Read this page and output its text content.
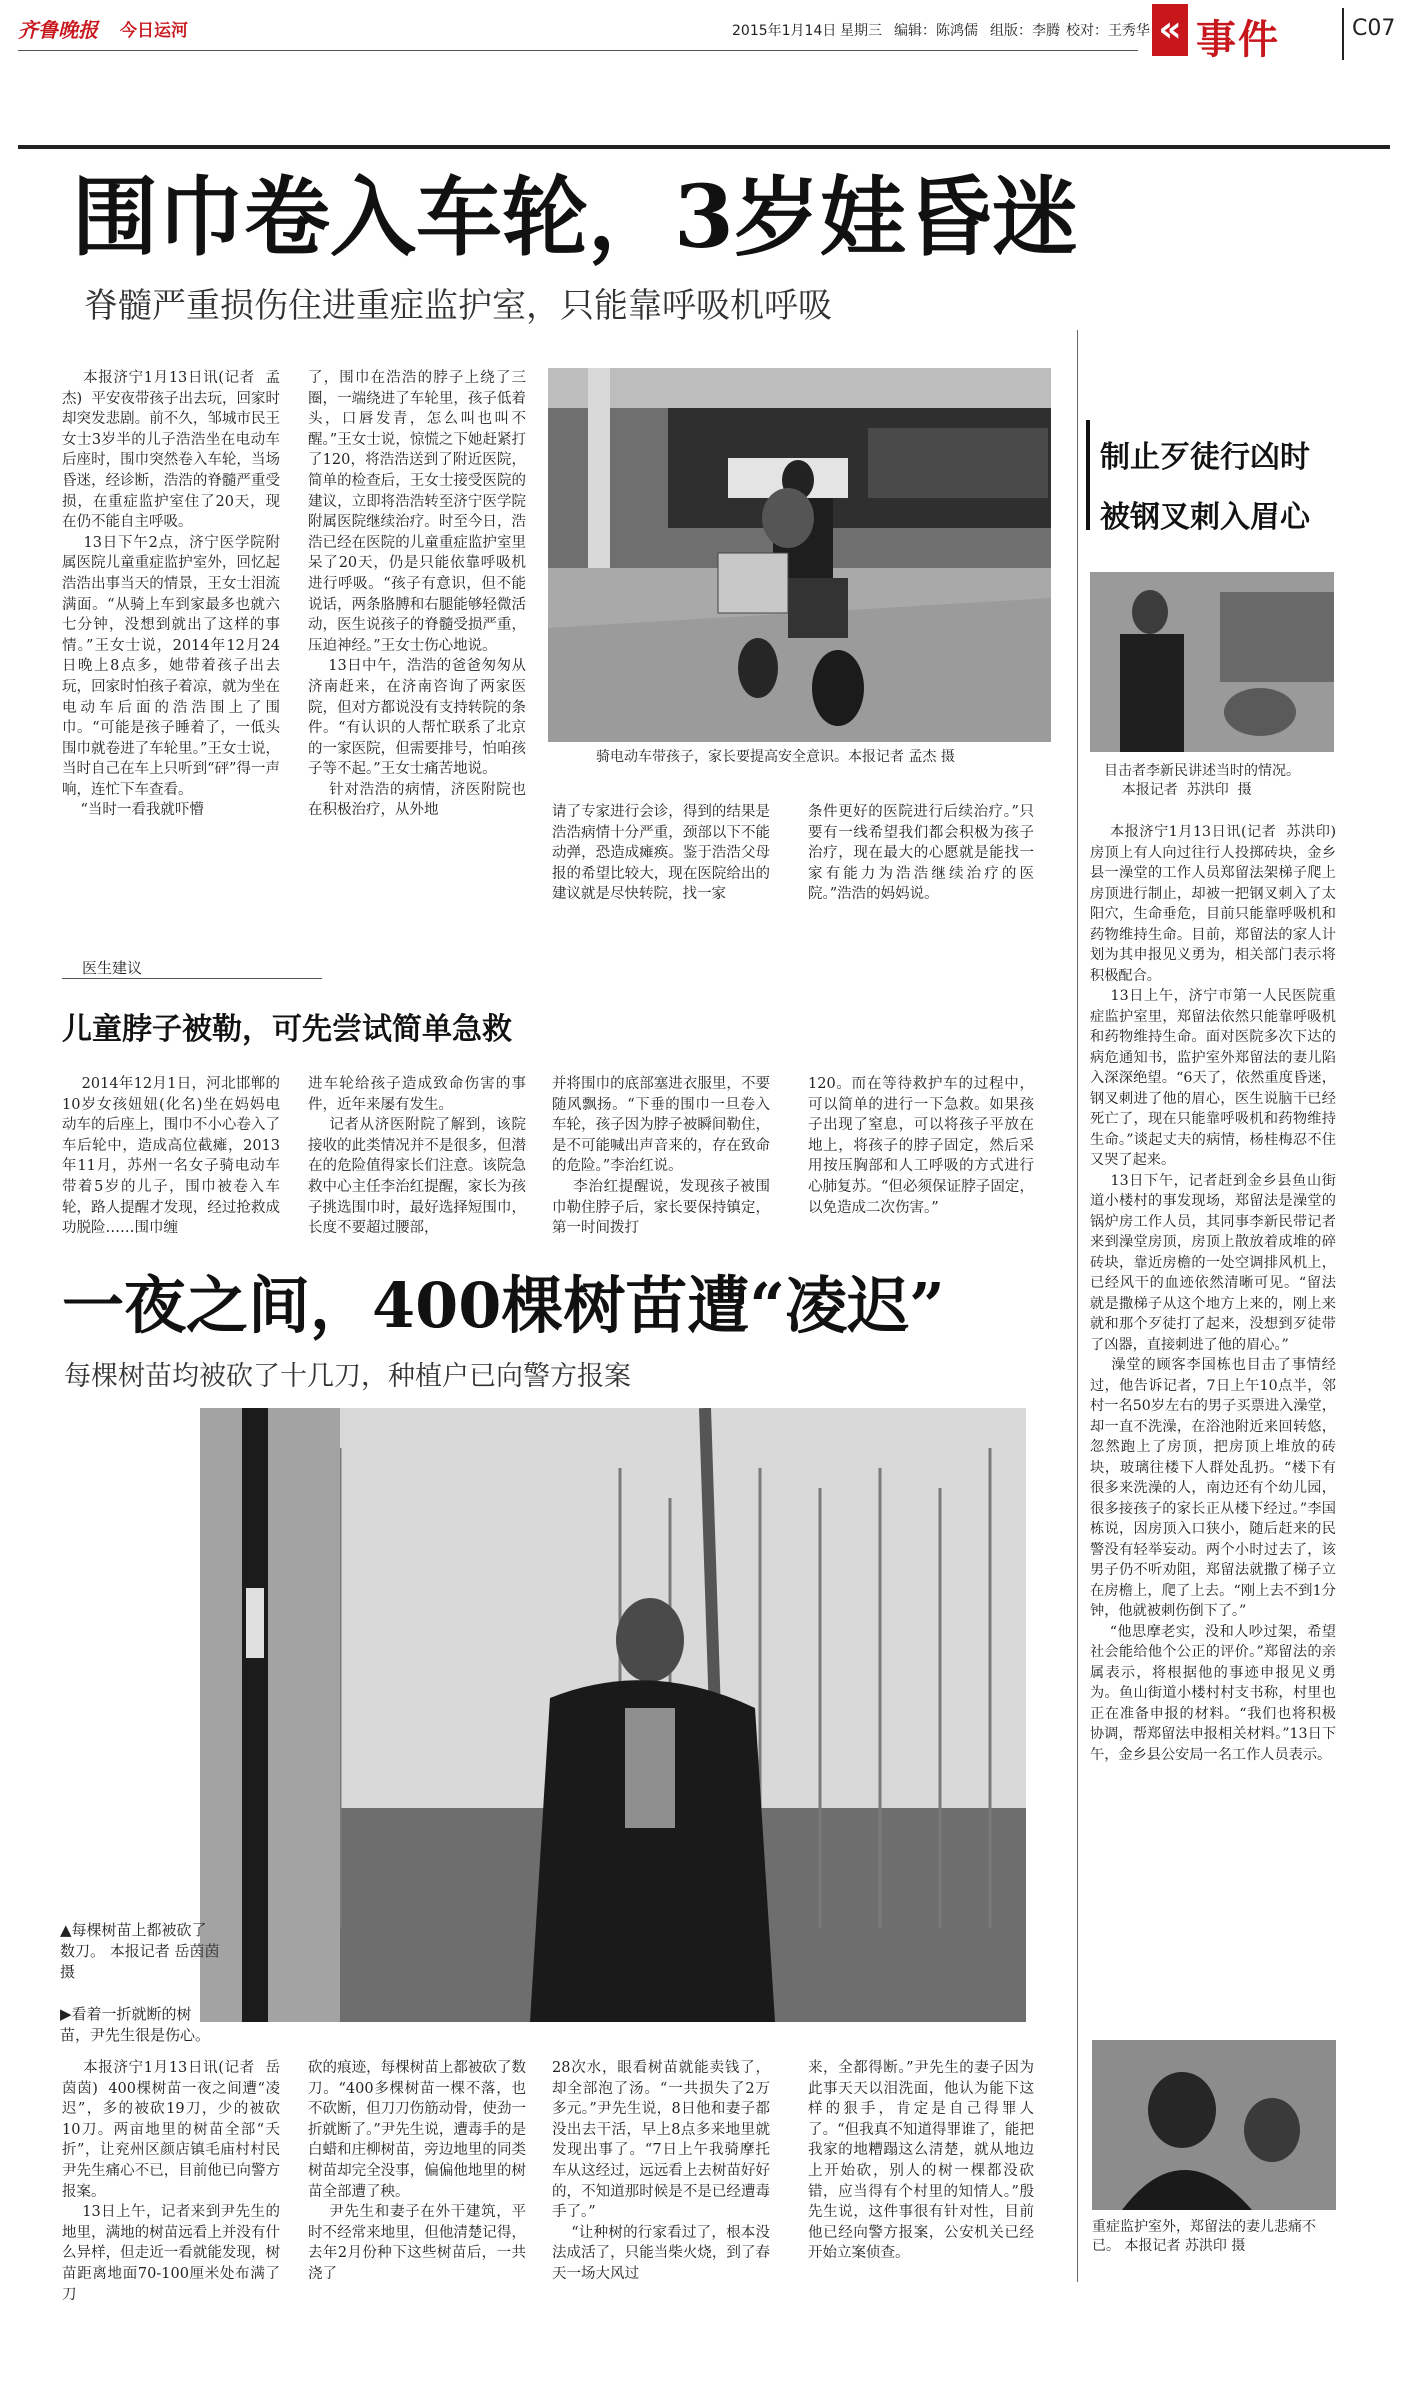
齐鲁晚报 今日运河	2015年1月14日 星期三 编辑：陈鸿儒 组版：李腾 校对：王秀华 « 事件	C07
围巾卷入车轮，3岁娃昏迷
脊髓严重损伤住进重症监护室，只能靠呼吸机呼吸
本报济宁1月13日讯(记者  孟杰)  平安夜带孩子出去玩，回家时却突发悲剧。前不久，邹城市民王女士3岁半的儿子浩浩坐在电动车后座时，围巾突然卷入车轮，当场昏迷，经诊断，浩浩的脊髓严重受损，在重症监护室住了20天，现在仍不能自主呼吸。
13日下午2点，济宁医学院附属医院儿童重症监护室外，回忆起浩浩出事当天的情景，王女士泪流满面。“从骑上车到家最多也就六七分钟，没想到就出了这样的事情。”王女士说，2014年12月24日晚上8点多，她带着孩子出去玩，回家时怕孩子着凉，就为坐在电动车后面的浩浩围上了围巾。“可能是孩子睡着了，一低头围巾就卷进了车轮里。”王女士说，当时自己在车上只听到“砰”得一声响，连忙下车查看。
“当时一看我就吓懵
了，围巾在浩浩的脖子上绕了三圈，一端绕进了车轮里，孩子低着头，口唇发青，怎么叫也叫不醒。”王女士说，惊慌之下她赶紧打了120，将浩浩送到了附近医院，简单的检查后，王女士接受医院的建议，立即将浩浩转至济宁医学院附属医院继续治疗。时至今日，浩浩已经在医院的儿童重症监护室里呆了20天，仍是只能依靠呼吸机进行呼吸。“孩子有意识，但不能说话，两条胳膊和右腿能够轻微活动，医生说孩子的脊髓受损严重，压迫神经。”王女士伤心地说。
13日中午，浩浩的爸爸匆匆从济南赶来，在济南咨询了两家医院，但对方都说没有支持转院的条件。“有认识的人帮忙联系了北京的一家医院，但需要排号，怕咱孩子等不起。”王女士痛苦地说。
针对浩浩的病情，济医附院也在积极治疗，从外地
骑电动车带孩子，家长要提高安全意识。本报记者 孟杰 摄
请了专家进行会诊，得到的结果是浩浩病情十分严重，颈部以下不能动弹，恐造成瘫痪。鉴于浩浩父母报的希望比较大，现在医院给出的建议就是尽快转院，找一家
条件更好的医院进行后续治疗。”只要有一线希望我们都会积极为孩子治疗，现在最大的心愿就是能找一家有能力为浩浩继续治疗的医院。”浩浩的妈妈说。
医生建议
儿童脖子被勒，可先尝试简单急救
2014年12月1日，河北邯郸的10岁女孩妞妞(化名)坐在妈妈电动车的后座上，围巾不小心卷入了车后轮中，造成高位截瘫，2013年11月，苏州一名女子骑电动车带着5岁的儿子，围巾被卷入车轮，路人提醒才发现，经过抢救成功脱险……围巾缠
进车轮给孩子造成致命伤害的事件，近年来屡有发生。
记者从济医附院了解到，该院接收的此类情况并不是很多，但潜在的危险值得家长们注意。该院急救中心主任李治红提醒，家长为孩子挑选围巾时，最好选择短围巾，长度不要超过腰部，
并将围巾的底部塞进衣服里，不要随风飘扬。“下垂的围巾一旦卷入车轮，孩子因为脖子被瞬间勒住，是不可能喊出声音来的，存在致命的危险。”李治红说。
李治红提醒说，发现孩子被围巾勒住脖子后，家长要保持镇定，第一时间拨打
120。而在等待救护车的过程中，可以简单的进行一下急救。如果孩子出现了窒息，可以将孩子平放在地上，将孩子的脖子固定，然后采用按压胸部和人工呼吸的方式进行心肺复苏。“但必须保证脖子固定，以免造成二次伤害。”
一夜之间，400棵树苗遭“凌迟”
每棵树苗均被砍了十几刀，种植户已向警方报案
▲每棵树苗上都被砍了数刀。 本报记者 岳茵茵 摄
▶看着一折就断的树苗，尹先生很是伤心。
本报济宁1月13日讯(记者  岳茵茵)  400棵树苗一夜之间遭“凌迟”，多的被砍19刀，少的被砍10刀。两亩地里的树苗全部“夭折”，让兖州区颜店镇毛庙村村民尹先生痛心不已，目前他已向警方报案。
13日上午，记者来到尹先生的地里，满地的树苗远看上并没有什么异样，但走近一看就能发现，树苗距离地面70-100厘米处布满了刀
砍的痕迹，每棵树苗上都被砍了数刀。“400多棵树苗一棵不落，也不砍断，但刀刀伤筋动骨，使劲一折就断了。”尹先生说，遭毒手的是白蜡和庄柳树苗，旁边地里的同类树苗却完全没事，偏偏他地里的树苗全部遭了秧。
尹先生和妻子在外干建筑，平时不经常来地里，但他清楚记得，去年2月份种下这些树苗后，一共浇了
28次水，眼看树苗就能卖钱了，却全部泡了汤。“一共损失了2万多元。”尹先生说，8日他和妻子都没出去干活，早上8点多来地里就发现出事了。“7日上午我骑摩托车从这经过，远远看上去树苗好好的，不知道那时候是不是已经遭毒手了。”
“让种树的行家看过了，根本没法成活了，只能当柴火烧，到了春天一场大风过
来，全都得断。”尹先生的妻子因为此事天天以泪洗面，他认为能下这样的狠手，肯定是自己得罪人了。“但我真不知道得罪谁了，能把我家的地糟蹋这么清楚，就从地边上开始砍，别人的树一棵都没砍错，应当得有个村里的知情人。”殷先生说，这件事很有针对性，目前他已经向警方报案，公安机关已经开始立案侦查。
制止歹徒行凶时
被钢叉刺入眉心
目击者李新民讲述当时的情况。
本报记者  苏洪印  摄
本报济宁1月13日讯(记者  苏洪印)  房顶上有人向过往行人投掷砖块，金乡县一澡堂的工作人员郑留法架梯子爬上房顶进行制止，却被一把钢叉刺入了太阳穴，生命垂危，目前只能靠呼吸机和药物维持生命。目前，郑留法的家人计划为其申报见义勇为，相关部门表示将积极配合。
13日上午，济宁市第一人民医院重症监护室里，郑留法依然只能靠呼吸机和药物维持生命。面对医院多次下达的病危通知书，监护室外郑留法的妻儿陷入深深绝望。“6天了，依然重度昏迷，钢叉刺进了他的眉心，医生说脑干已经死亡了，现在只能靠呼吸机和药物维持生命。”谈起丈夫的病情，杨桂梅忍不住又哭了起来。
13日下午，记者赶到金乡县鱼山街道小楼村的事发现场，郑留法是澡堂的锅炉房工作人员，其同事李新民带记者来到澡堂房顶，房顶上散放着成堆的碎砖块，靠近房檐的一处空调排风机上，已经风干的血迹依然清晰可见。“留法就是撒梯子从这个地方上来的，刚上来就和那个歹徒打了起来，没想到歹徒带了凶器，直接刺进了他的眉心。”
澡堂的顾客李国栋也目击了事情经过，他告诉记者，7日上午10点半，邻村一名50岁左右的男子买票进入澡堂，却一直不洗澡，在浴池附近来回转悠，忽然跑上了房顶，把房顶上堆放的砖块，玻璃往楼下人群处乱扔。“楼下有很多来洗澡的人，南边还有个幼儿园，很多接孩子的家长正从楼下经过。”李国栋说，因房顶入口狭小，随后赶来的民警没有轻举妄动。两个小时过去了，该男子仍不听劝阻，郑留法就撒了梯子立在房檐上，爬了上去。“刚上去不到1分钟，他就被刺伤倒下了。”
“他思摩老实，没和人吵过架，希望社会能给他个公正的评价。”郑留法的亲属表示，将根据他的事迹申报见义勇为。鱼山街道小楼村村支书称，村里也正在准备申报的材料。“我们也将积极协调，帮郑留法申报相关材料。”13日下午，金乡县公安局一名工作人员表示。
重症监护室外，郑留法的妻儿悲痛不已。 本报记者 苏洪印 摄
